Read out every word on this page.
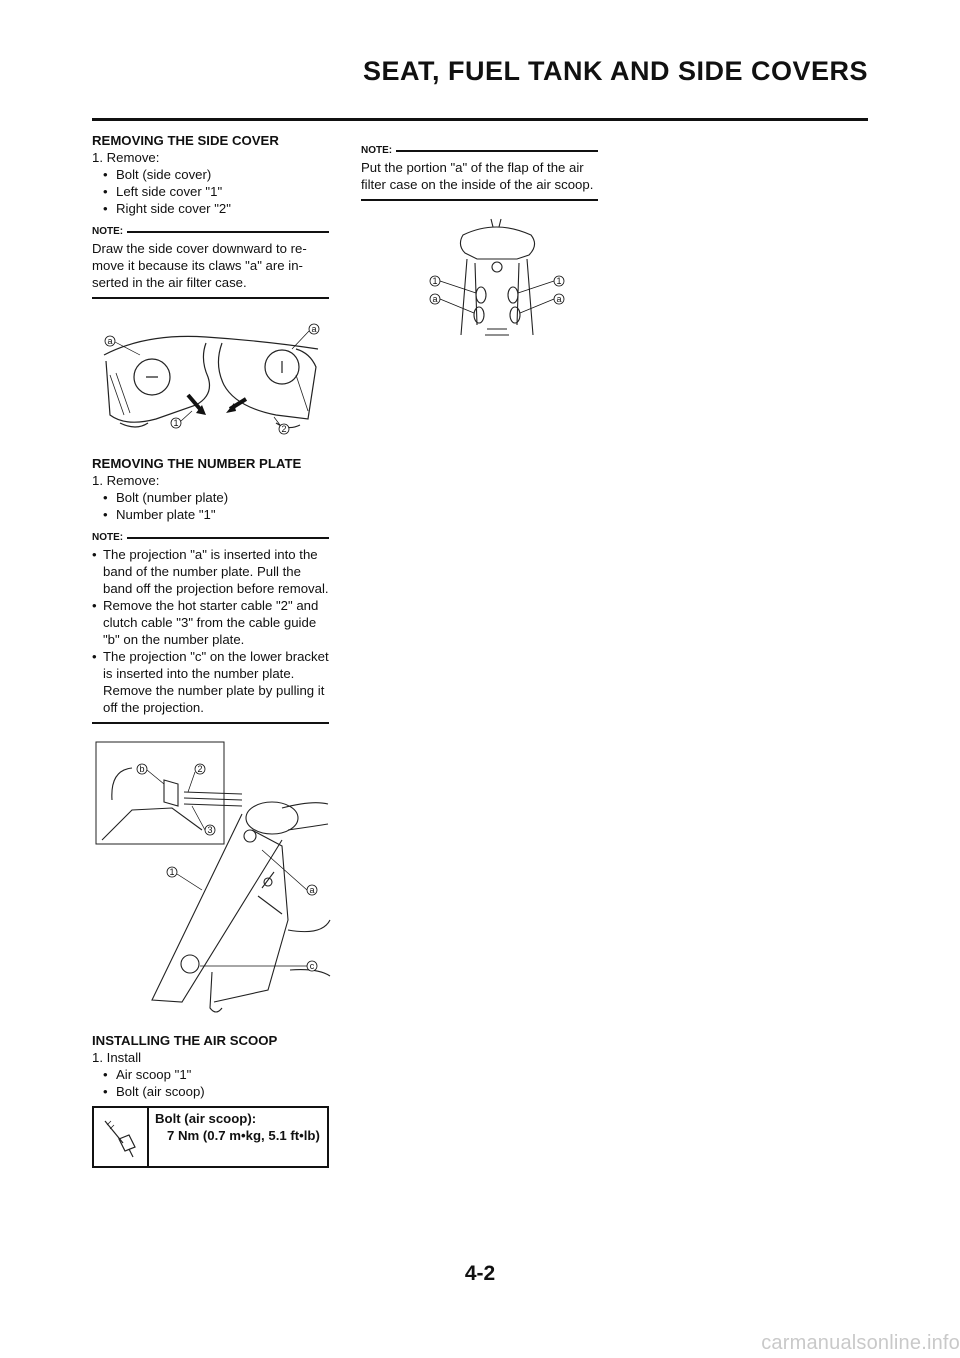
SEAT, FUEL TANK AND SIDE COVERS
REMOVING THE SIDE COVER

1. Remove:

• Bolt (side cover)
• Left side cover "1"
• Right side cover "2"
NOTE:

Draw the side cover downward to re-move it because its claws "a" are in-serted in the air filter case.

a
a
1
2
REMOVING THE NUMBER PLATE

1. Remove:

• Bolt (number plate)
• Number plate "1"
NOTE:
• The projection "a" is inserted into the band of the number plate. Pull the band off the projection before removal.
• Remove the hot starter cable "2" and clutch cable "3" from the cable guide "b" on the number plate.
• The projection "c" on the lower bracket is inserted into the number plate. Remove the number plate by pulling it off the projection.
b	2
3
1
a
c
INSTALLING THE AIR SCOOP

1. Install

• Air scoop "1"
• Bolt (air scoop)
Bolt (air scoop):
7 Nm (0.7 m•kg, 5.1 ft•lb)
NOTE:

Put the portion "a" of the flap of the air filter case on the inside of the air scoop.

1	1
a	a
4-2
carmanualsonline.info
